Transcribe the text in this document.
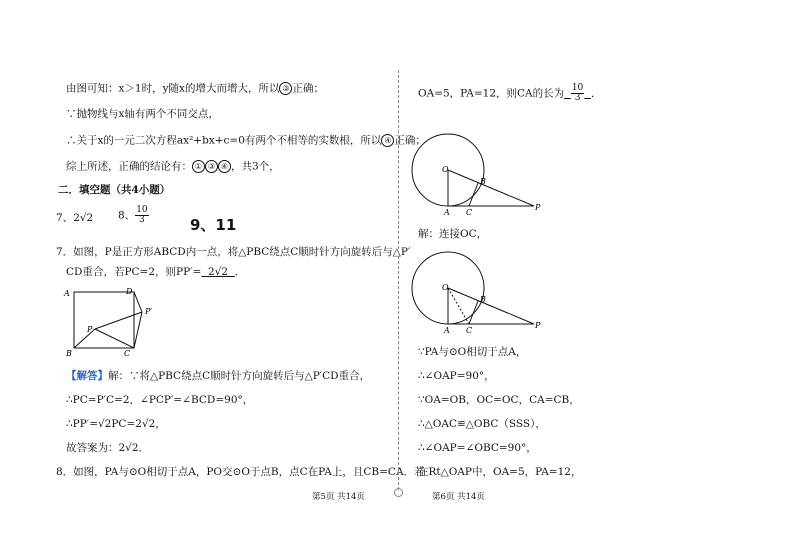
由图可知：x＞1时，y随x的增大而增大，所以 ③ 正确；
∵抛物线与x轴有两个不同交点，
∴关于x的一元二次方程ax²+bx+c=0有两个不相等的实数根，所以 ④ 正确；
综上所述，正确的结论有： ① ③ ④ ，共3个，
二．填空题（共4小题）
7、2√2 8、 $\frac{10}{3}$	9、11
7．如图，P是正方形ABCD内一点，将△PBC绕点C顺时针方向旋转后与△P′
CD重合，若PC=2，则PP′= 2√2 ．
A	D
P′
P
B	C
【解答】解：∵将△PBC绕点C顺时针方向旋转后与△P′CD重合，
∴PC=P′C=2，∠PCP′=∠BCD=90°，
∴PP′=√2PC=2√2，
故答案为：2√2．
8．如图，PA与⊙O相切于点A，PO交⊙O于点B，点C在PA上，且CB=CA．若
第5页 共14页
OA=5，PA=12，则CA的长为 $\frac{10}{3}$ ．
O
B
A C
P
解：连接OC，
O
B
A C
P
∵PA与⊙O相切于点A，
∴∠OAP=90°，
∵OA=OB，OC=OC，CA=CB，
∴△OAC≌△OBC（SSS），
∴∠OAP=∠OBC=90°，
在Rt△OAP中，OA=5，PA=12，
第6页 共14页
